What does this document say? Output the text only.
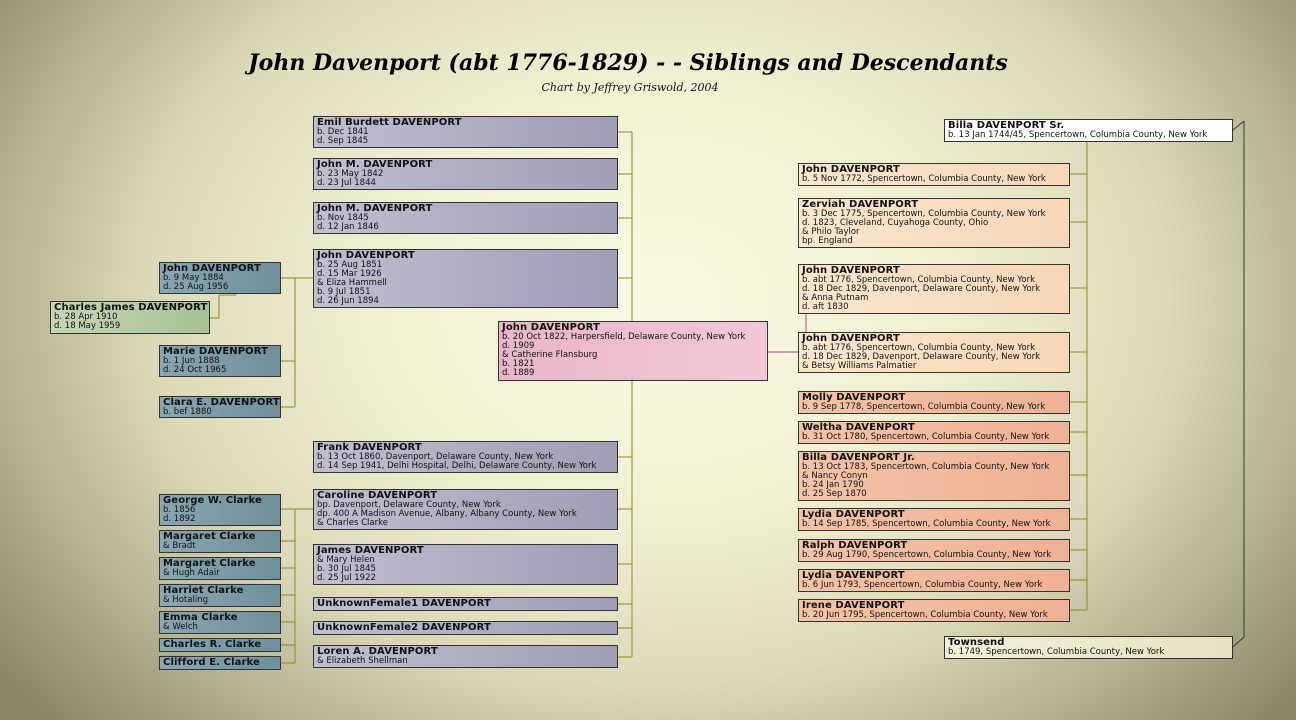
John Davenport (abt 1776-1829) - - Siblings and Descendants
Chart by Jeffrey Griswold, 2004
Emil Burdett DAVENPORT
b. Dec 1841
d. Sep 1845
John M. DAVENPORT
b. 23 May 1842
d. 23 Jul 1844
John M. DAVENPORT
b. Nov 1845
d. 12 Jan 1846
John DAVENPORT
b. 25 Aug 1851
d. 15 Mar 1926
& Eliza Hammell
b. 9 Jul 1851
d. 26 Jun 1894
John DAVENPORT
b. 9 May 1884
d. 25 Aug 1956
Charles James DAVENPORT
b. 28 Apr 1910
d. 18 May 1959
Marie DAVENPORT
b. 1 Jun 1888
d. 24 Oct 1965
Clara E. DAVENPORT
b. bef 1880
John DAVENPORT
b. 20 Oct 1822, Harpersfield, Delaware County, New York
d. 1909
& Catherine Flansburg
b. 1821
d. 1889
Frank DAVENPORT
b. 13 Oct 1860, Davenport, Delaware County, New York
d. 14 Sep 1941, Delhi Hospital, Delhi, Delaware County, New York
Caroline DAVENPORT
bp. Davenport, Delaware County, New York
dp. 400 A Madison Avenue, Albany, Albany County, New York
& Charles Clarke
James DAVENPORT
& Mary Helen
b. 30 Jul 1845
d. 25 Jul 1922
UnknownFemale1 DAVENPORT
UnknownFemale2 DAVENPORT
Loren A. DAVENPORT
& Elizabeth Shellman
George W. Clarke
b. 1856
d. 1892
Margaret Clarke
& Bradt
Margaret Clarke
& Hugh Adair
Harriet Clarke
& Hotaling
Emma Clarke
& Welch
Charles R. Clarke
Clifford E. Clarke
Billa DAVENPORT Sr.
b. 13 Jan 1744/45, Spencertown, Columbia County, New York
John DAVENPORT
b. 5 Nov 1772, Spencertown, Columbia County, New York
Zerviah DAVENPORT
b. 3 Dec 1775, Spencertown, Columbia County, New York
d. 1823, Cleveland, Cuyahoga County, Ohio
& Philo Taylor
bp. England
John DAVENPORT
b. abt 1776, Spencertown, Columbia County, New York
d. 18 Dec 1829, Davenport, Delaware County, New York
& Anna Putnam
d. aft 1830
John DAVENPORT
b. abt 1776, Spencertown, Columbia County, New York
d. 18 Dec 1829, Davenport, Delaware County, New York
& Betsy Williams Palmatier
Molly DAVENPORT
b. 9 Sep 1778, Spencertown, Columbia County, New York
Weltha DAVENPORT
b. 31 Oct 1780, Spencertown, Columbia County, New York
Billa DAVENPORT Jr.
b. 13 Oct 1783, Spencertown, Columbia County, New York
& Nancy Conyn
b. 24 Jan 1790
d. 25 Sep 1870
Lydia DAVENPORT
b. 14 Sep 1785, Spencertown, Columbia County, New York
Ralph DAVENPORT
b. 29 Aug 1790, Spencertown, Columbia County, New York
Lydia DAVENPORT
b. 6 Jun 1793, Spencertown, Columbia County, New York
Irene DAVENPORT
b. 20 Jun 1795, Spencertown, Columbia County, New York
Townsend
b. 1749, Spencertown, Columbia County, New York
